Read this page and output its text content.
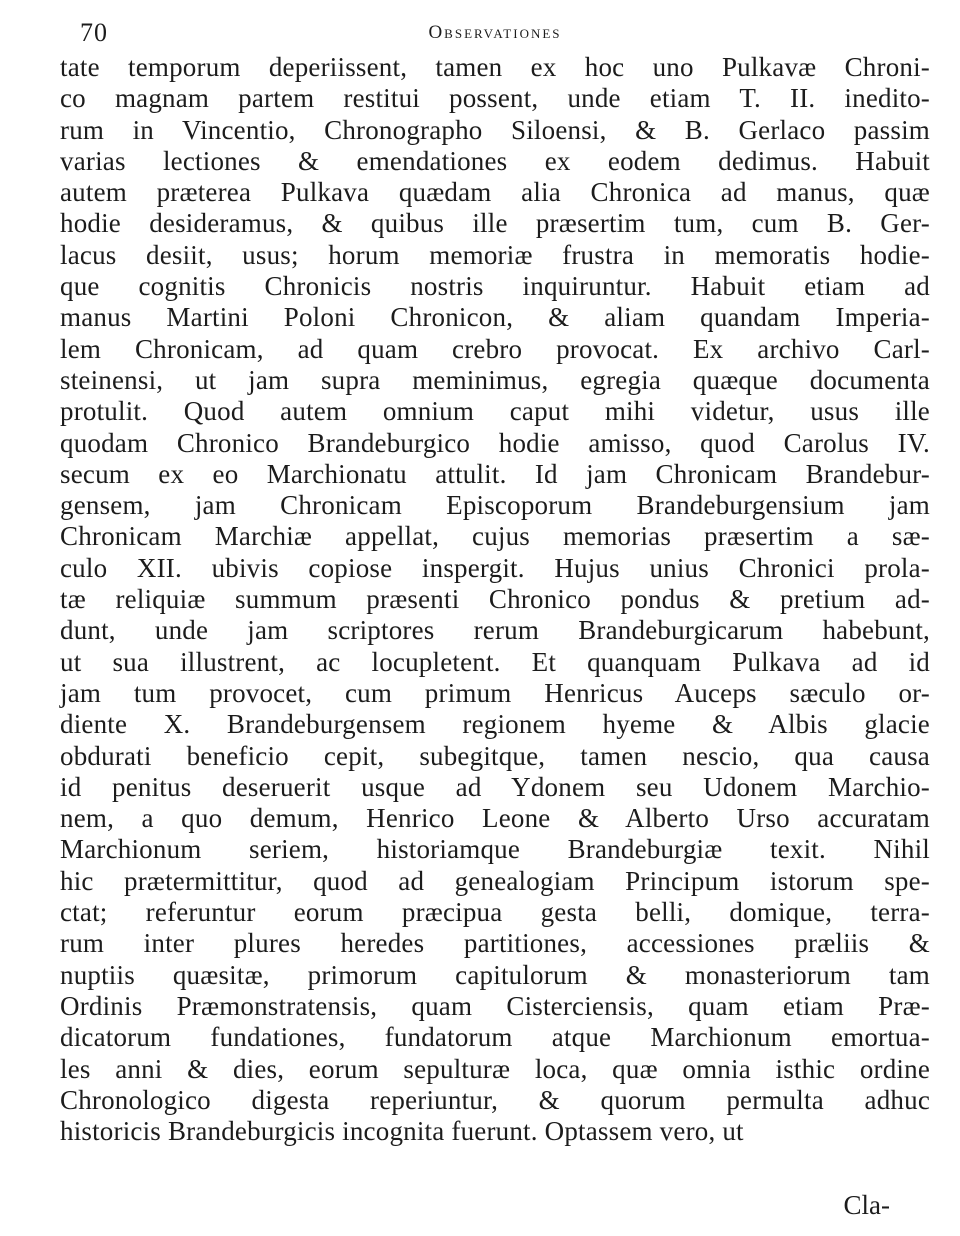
70	Observationes
tate temporum deperiissent, tamen ex hoc uno Pulkavæ Chroni-
co magnam partem restitui possent, unde etiam T. II. inedito-
rum in Vincentio, Chronographo Siloensi, & B. Gerlaco passim
varias lectiones & emendationes ex eodem dedimus. Habuit
autem præterea Pulkava quædam alia Chronica ad manus, quæ
hodie desideramus, & quibus ille præsertim tum, cum B. Ger-
lacus desiit, usus; horum memoriæ frustra in memoratis hodie-
que cognitis Chronicis nostris inquiruntur. Habuit etiam ad
manus Martini Poloni Chronicon, & aliam quandam Imperia-
lem Chronicam, ad quam crebro provocat. Ex archivo Carl-
steinensi, ut jam supra meminimus, egregia quæque documenta
protulit. Quod autem omnium caput mihi videtur, usus ille
quodam Chronico Brandeburgico hodie amisso, quod Carolus IV.
secum ex eo Marchionatu attulit. Id jam Chronicam Brandebur-
gensem, jam Chronicam Episcoporum Brandeburgensium jam
Chronicam Marchiæ appellat, cujus memorias præsertim a sæ-
culo XII. ubivis copiose inspergit. Hujus unius Chronici prola-
tæ reliquiæ summum præsenti Chronico pondus & pretium ad-
dunt, unde jam scriptores rerum Brandeburgicarum habebunt,
ut sua illustrent, ac locupletent. Et quanquam Pulkava ad id
jam tum provocet, cum primum Henricus Auceps sæculo or-
diente X. Brandeburgensem regionem hyeme & Albis glacie
obdurati beneficio cepit, subegitque, tamen nescio, qua causa
id penitus deseruerit usque ad Ydonem seu Udonem Marchio-
nem, a quo demum, Henrico Leone & Alberto Urso accuratam
Marchionum seriem, historiamque Brandeburgiæ texit. Nihil
hic prætermittitur, quod ad genealogiam Principum istorum spe-
ctat; referuntur eorum præcipua gesta belli, domique, terra-
rum inter plures heredes partitiones, accessiones præliis &
nuptiis quæsitæ, primorum capitulorum & monasteriorum tam
Ordinis Præmonstratensis, quam Cisterciensis, quam etiam Præ-
dicatorum fundationes, fundatorum atque Marchionum emortua-
les anni & dies, eorum sepulturæ loca, quæ omnia isthic ordine
Chronologico digesta reperiuntur, & quorum permulta adhuc
historicis Brandeburgicis incognita fuerunt. Optassem vero, ut
Cla-
